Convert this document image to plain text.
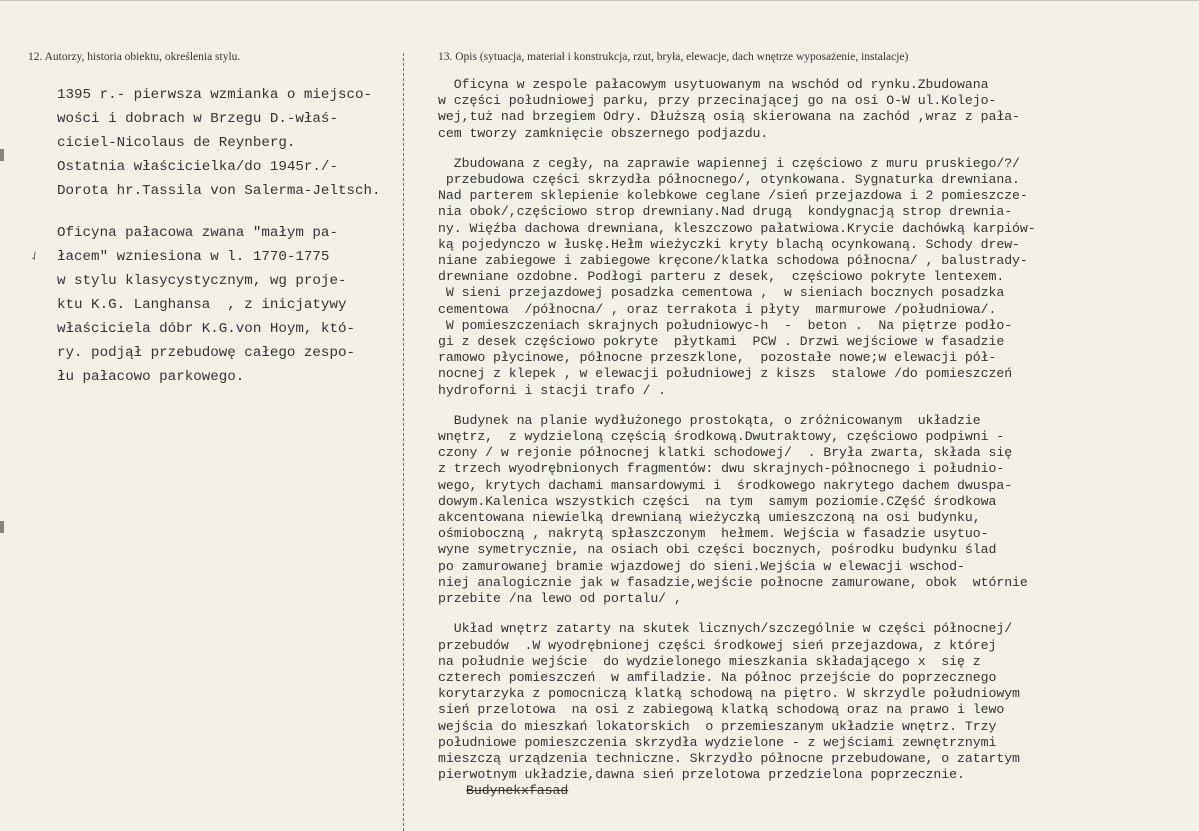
12. Autorzy, historia obiektu, określenia stylu.	13. Opis (sytuacja, materiał i konstrukcja, rzut, bryła, elewacje, dach wnętrze wyposażenie, instalacje)
✓
1395 r.- pierwsza wzmianka o miejsco-
wości i dobrach w Brzegu D.-właś-
ciciel-Nicolaus de Reynberg.
Ostatnia właścicielka/do 1945r./-
Dorota hr.Tassila von Salerma-Jeltsch.
Oficyna pałacowa zwana "małym pa-
łacem" wzniesiona w l. 1770-1775
w stylu klasycystycznym, wg proje-
ktu K.G. Langhansa  , z inicjatywy
właściciela dóbr K.G.von Hoym, któ-
ry. podjął przebudowę całego zespo-
łu pałacowo parkowego.
Oficyna w zespole pałacowym usytuowanym na wschód od rynku.Zbudowana
w części południowej parku, przy przecinającej go na osi O-W ul.Kolejo-
wej,tuż nad brzegiem Odry. Dłuższą osią skierowana na zachód ,wraz z pała-
cem tworzy zamknięcie obszernego podjazdu.
Zbudowana z cegły, na zaprawie wapiennej i częściowo z muru pruskiego/?/
przebudowa części skrzydła północnego/, otynkowana. Sygnaturka drewniana.
Nad parterem sklepienie kolebkowe ceglane /sień przejazdowa i 2 pomieszcze-
nia obok/,częściowo strop drewniany.Nad drugą  kondygnacją strop drewnia-
ny. Więźba dachowa drewniana, kleszczowo pałatwiowa.Krycie dachówką karpiów-
ką pojedynczo w łuskę.Hełm wieżyczki kryty blachą ocynkowaną. Schody drew-
niane zabiegowe i zabiegowe kręcone/klatka schodowa północna/ , balustrady-
drewniane ozdobne. Podłogi parteru z desek,  częściowo pokryte lentexem.
W sieni przejazdowej posadzka cementowa ,  w sieniach bocznych posadzka
cementowa  /północna/ , oraz terrakota i płyty  marmurowe /południowa/.
W pomieszczeniach skrajnych południowyc-h  -  beton .  Na piętrze podło-
gi z desek częściowo pokryte  płytkami  PCW . Drzwi wejściowe w fasadzie
ramowo płycinowe, północne przeszklone,  pozostałe nowe;w elewacji pół-
nocnej z klepek , w elewacji południowej z kiszs  stalowe /do pomieszczeń
hydroforni i stacji trafo / .
Budynek na planie wydłużonego prostokąta, o zróżnicowanym  układzie
wnętrz,  z wydzieloną częścią środkową.Dwutraktowy, częściowo podpiwni -
czony / w rejonie północnej klatki schodowej/  . Bryła zwarta, składa się
z trzech wyodrębnionych fragmentów: dwu skrajnych-północnego i południo-
wego, krytych dachami mansardowymi i  środkowego nakrytego dachem dwuspa-
dowym.Kalenica wszystkich części  na tym  samym poziomie.CZęść środkowa
akcentowana niewielką drewnianą wieżyczką umieszczoną na osi budynku,
ośmioboczną , nakrytą spłaszczonym  hełmem. Wejścia w fasadzie usytuo-
wyne symetrycznie, na osiach obi części bocznych, pośrodku budynku ślad
po zamurowanej bramie wjazdowej do sieni.Wejścia w elewacji wschod-
niej analogicznie jak w fasadzie,wejście połnocne zamurowane, obok  wtórnie
przebite /na lewo od portalu/ ,
Układ wnętrz zatarty na skutek licznych/szczególnie w części północnej/
przebudów  .W wyodrębnionej części środkowej sień przejazdowa, z której
na południe wejście  do wydzielonego mieszkania składającego x  się z
czterech pomieszczeń  w amfiladzie. Na północ przejście do poprzecznego
korytarzyka z pomocniczą klatką schodową na piętro. W skrzydle południowym
sień przelotowa  na osi z zabiegową klatką schodową oraz na prawo i lewo
wejścia do mieszkań lokatorskich  o przemieszanym układzie wnętrz. Trzy
południowe pomieszczenia skrzydła wydzielone - z wejściami zewnętrznymi
mieszczą urządzenia techniczne. Skrzydło północne przebudowane, o zatartym
pierwotnym układzie,dawna sień przelotowa przedzielona poprzecznie.
Budynekxfasad
